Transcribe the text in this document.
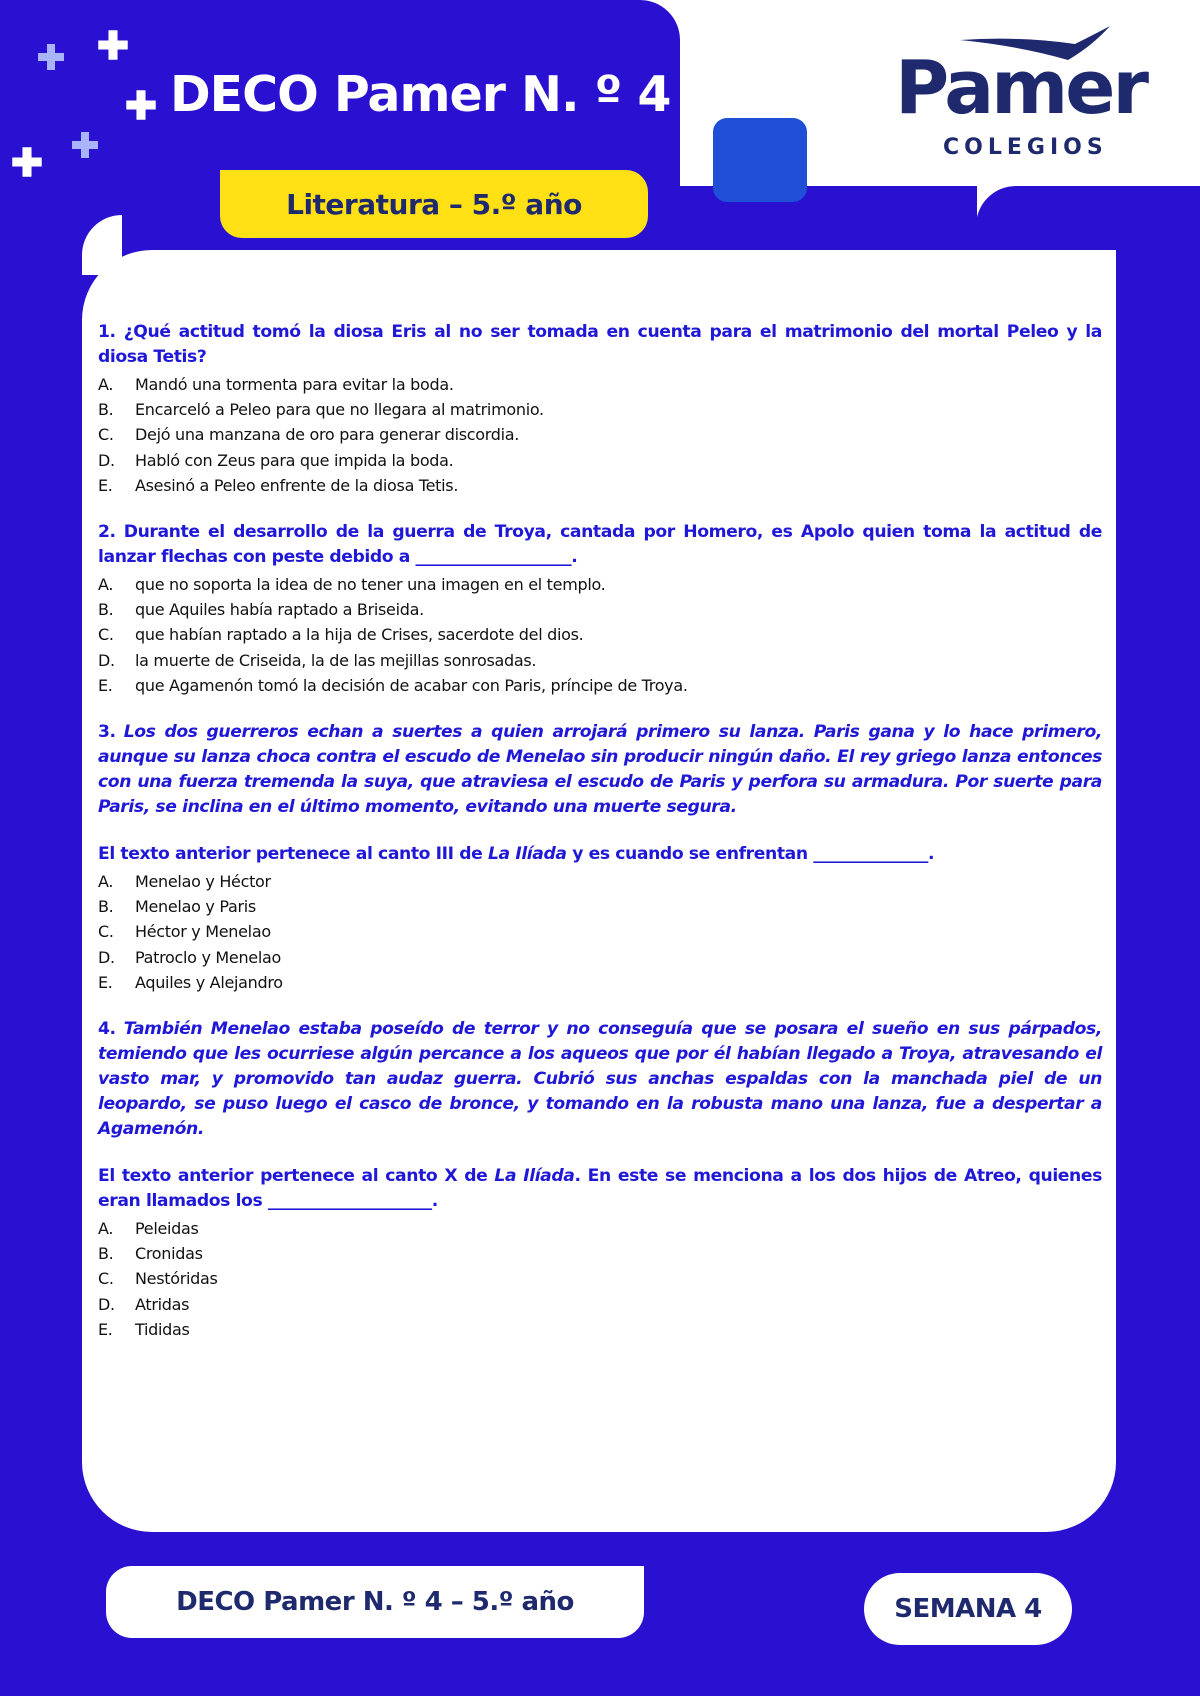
Pamer
COLEGIOS
DECO Pamer N. º 4
Literatura – 5.º año
1. ¿Qué actitud tomó la diosa Eris al no ser tomada en cuenta para el matrimonio del mortal Peleo y la diosa Tetis?
A.	Mandó una tormenta para evitar la boda.
B.	Encarceló a Peleo para que no llegara al matrimonio.
C.	Dejó una manzana de oro para generar discordia.
D.	Habló con Zeus para que impida la boda.
E.	Asesinó a Peleo enfrente de la diosa Tetis.
2. Durante el desarrollo de la guerra de Troya, cantada por Homero, es Apolo quien toma la actitud de lanzar flechas con peste debido a ___________________.
A.	que no soporta la idea de no tener una imagen en el templo.
B.	que Aquiles había raptado a Briseida.
C.	que habían raptado a la hija de Crises, sacerdote del dios.
D.	la muerte de Criseida, la de las mejillas sonrosadas.
E.	que Agamenón tomó la decisión de acabar con Paris, príncipe de Troya.
3. Los dos guerreros echan a suertes a quien arrojará primero su lanza. Paris gana y lo hace primero, aunque su lanza choca contra el escudo de Menelao sin producir ningún daño. El rey griego lanza entonces con una fuerza tremenda la suya, que atraviesa el escudo de Paris y perfora su armadura. Por suerte para Paris, se inclina en el último momento, evitando una muerte segura.
El texto anterior pertenece al canto III de La Ilíada y es cuando se enfrentan ______________.
A.	Menelao y Héctor
B.	Menelao y Paris
C.	Héctor y Menelao
D.	Patroclo y Menelao
E.	Aquiles y Alejandro
4. También Menelao estaba poseído de terror y no conseguía que se posara el sueño en sus párpados, temiendo que les ocurriese algún percance a los aqueos que por él habían llegado a Troya, atravesando el vasto mar, y promovido tan audaz guerra. Cubrió sus anchas espaldas con la manchada piel de un leopardo, se puso luego el casco de bronce, y tomando en la robusta mano una lanza, fue a despertar a Agamenón.
El texto anterior pertenece al canto X de La Ilíada. En este se menciona a los dos hijos de Atreo, quienes eran llamados los ____________________.
A.	Peleidas
B.	Cronidas
C.	Nestóridas
D.	Atridas
E.	Tididas
DECO Pamer N. º 4 – 5.º año	SEMANA 4
